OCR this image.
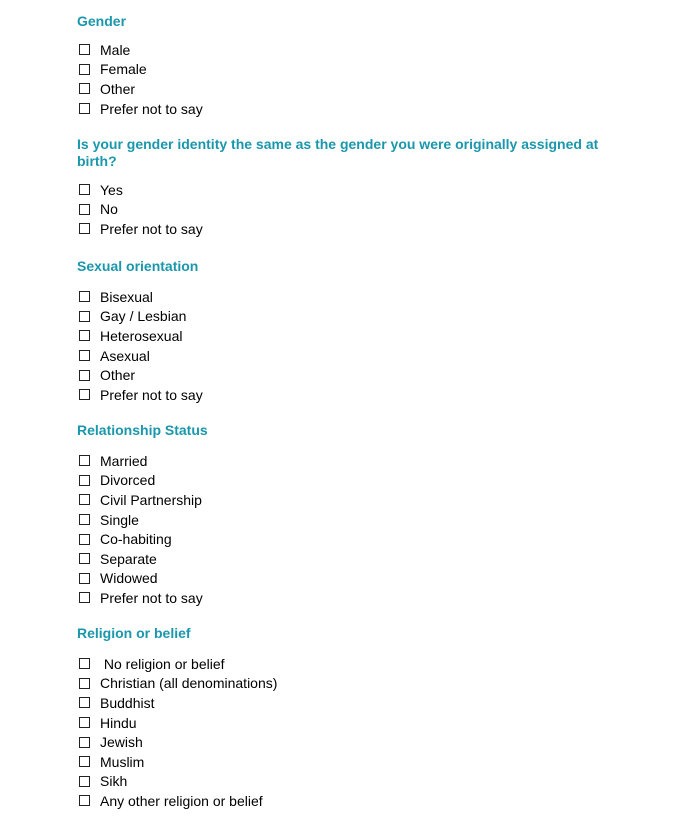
Gender
Male
Female
Other
Prefer not to say
Is your gender identity the same as the gender you were originally assigned at birth?
Yes
No
Prefer not to say
Sexual orientation
Bisexual
Gay / Lesbian
Heterosexual
Asexual
Other
Prefer not to say
Relationship Status
Married
Divorced
Civil Partnership
Single
Co-habiting
Separate
Widowed
Prefer not to say
Religion or belief
No religion or belief
Christian (all denominations)
Buddhist
Hindu
Jewish
Muslim
Sikh
Any other religion or belief
